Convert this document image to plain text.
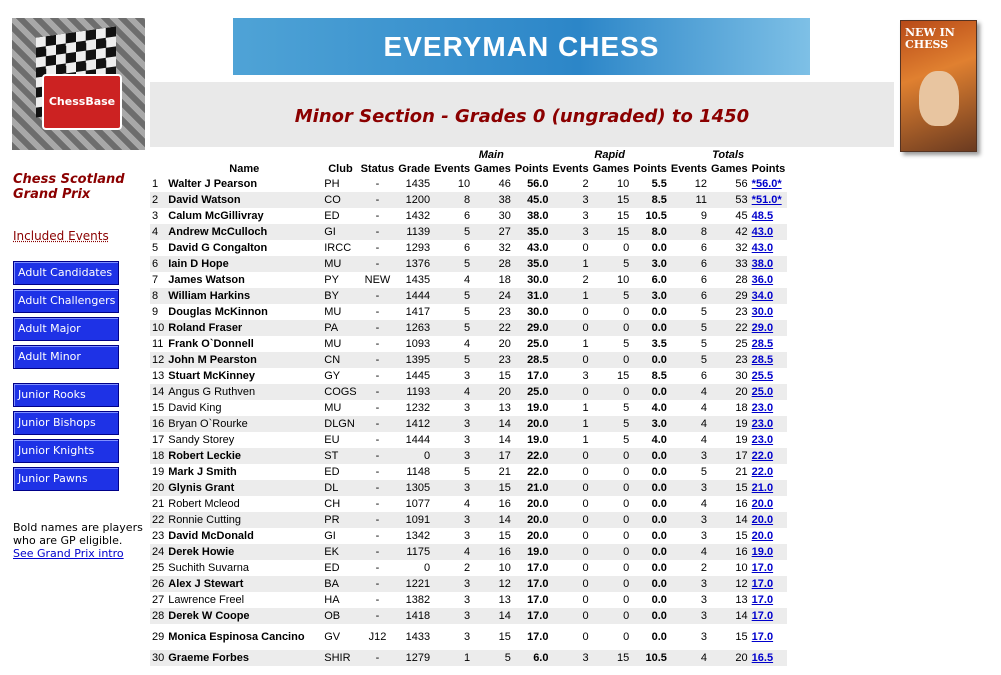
ChessBase
EVERYMAN CHESS	NEW IN CHESS

Chess Scotland Grand Prix

Included Events
Adult Candidates
Adult Challengers
Adult Major
Adult Minor
Junior Rooks
Junior Bishops
Junior Knights
Junior Pawns
Bold names are players who are GP eligible. See Grand Prix intro
Minor Section - Grades 0 (ungraded) to 1450
					Main			Rapid			Totals		
	Name	Club	Status	Grade	Events	Games	Points	Events	Games	Points	Events	Games	Points
1	Walter J Pearson	PH	-	1435	10	46	56.0	2	10	5.5	12	56	*56.0*
2	David Watson	CO	-	1200	8	38	45.0	3	15	8.5	11	53	*51.0*
3	Calum McGillivray	ED	-	1432	6	30	38.0	3	15	10.5	9	45	48.5
4	Andrew McCulloch	GI	-	1139	5	27	35.0	3	15	8.0	8	42	43.0
5	David G Congalton	IRCC	-	1293	6	32	43.0	0	0	0.0	6	32	43.0
6	Iain D Hope	MU	-	1376	5	28	35.0	1	5	3.0	6	33	38.0
7	James Watson	PY	NEW	1435	4	18	30.0	2	10	6.0	6	28	36.0
8	William Harkins	BY	-	1444	5	24	31.0	1	5	3.0	6	29	34.0
9	Douglas McKinnon	MU	-	1417	5	23	30.0	0	0	0.0	5	23	30.0
10	Roland Fraser	PA	-	1263	5	22	29.0	0	0	0.0	5	22	29.0
11	Frank O`Donnell	MU	-	1093	4	20	25.0	1	5	3.5	5	25	28.5
12	John M Pearston	CN	-	1395	5	23	28.5	0	0	0.0	5	23	28.5
13	Stuart McKinney	GY	-	1445	3	15	17.0	3	15	8.5	6	30	25.5
14	Angus G Ruthven	COGS	-	1193	4	20	25.0	0	0	0.0	4	20	25.0
15	David King	MU	-	1232	3	13	19.0	1	5	4.0	4	18	23.0
16	Bryan O`Rourke	DLGN	-	1412	3	14	20.0	1	5	3.0	4	19	23.0
17	Sandy Storey	EU	-	1444	3	14	19.0	1	5	4.0	4	19	23.0
18	Robert Leckie	ST	-	0	3	17	22.0	0	0	0.0	3	17	22.0
19	Mark J Smith	ED	-	1148	5	21	22.0	0	0	0.0	5	21	22.0
20	Glynis Grant	DL	-	1305	3	15	21.0	0	0	0.0	3	15	21.0
21	Robert Mcleod	CH	-	1077	4	16	20.0	0	0	0.0	4	16	20.0
22	Ronnie Cutting	PR	-	1091	3	14	20.0	0	0	0.0	3	14	20.0
23	David McDonald	GI	-	1342	3	15	20.0	0	0	0.0	3	15	20.0
24	Derek Howie	EK	-	1175	4	16	19.0	0	0	0.0	4	16	19.0
25	Suchith Suvarna	ED	-	0	2	10	17.0	0	0	0.0	2	10	17.0
26	Alex J Stewart	BA	-	1221	3	12	17.0	0	0	0.0	3	12	17.0
27	Lawrence Freel	HA	-	1382	3	13	17.0	0	0	0.0	3	13	17.0
28	Derek W Coope	OB	-	1418	3	14	17.0	0	0	0.0	3	14	17.0
29	Monica Espinosa Cancino	GV	J12	1433	3	15	17.0	0	0	0.0	3	15	17.0
30	Graeme Forbes	SHIR	-	1279	1	5	6.0	3	15	10.5	4	20	16.5
